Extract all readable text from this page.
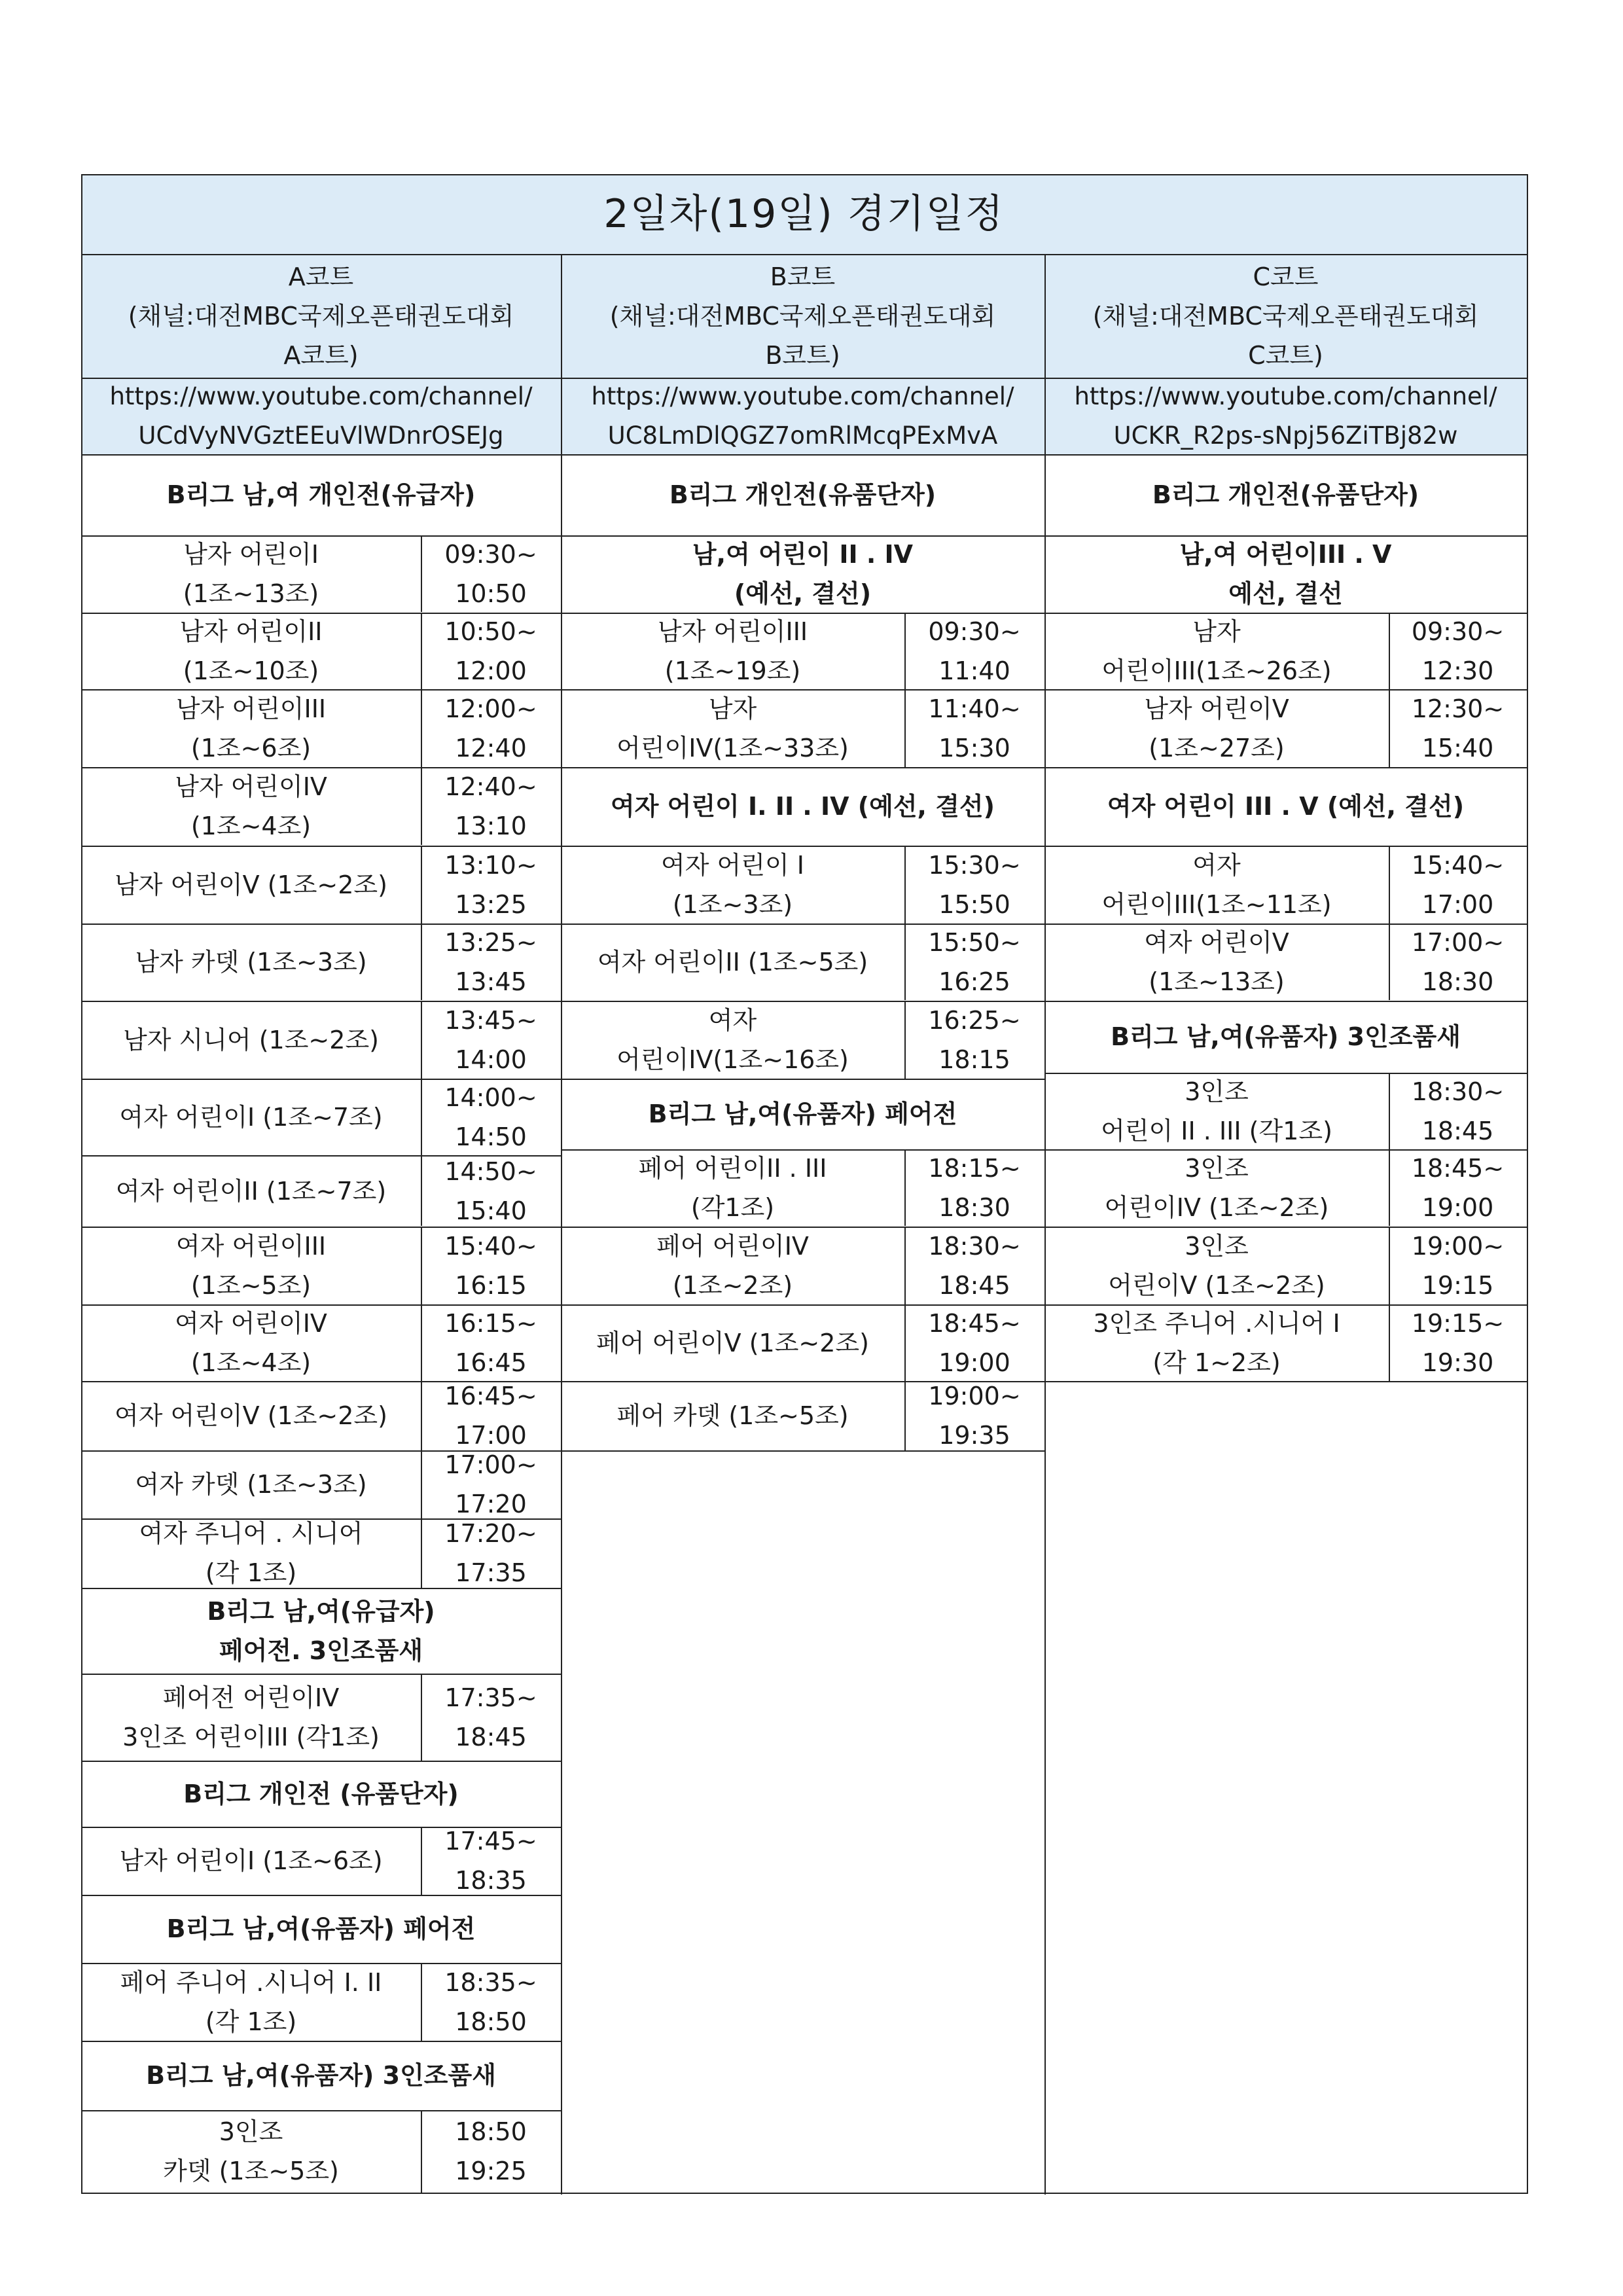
2일차(19일) 경기일정
A코트
(채널:대전MBC국제오픈태권도대회
A코트)
https://www.youtube.com/channel/
UCdVyNVGztEEuVlWDnrOSEJg
B코트
(채널:대전MBC국제오픈태권도대회
B코트)
https://www.youtube.com/channel/
UC8LmDlQGZ7omRlMcqPExMvA
C코트
(채널:대전MBC국제오픈태권도대회
C코트)
https://www.youtube.com/channel/
UCKR_R2ps-sNpj56ZiTBj82w
B리그 남,여 개인전(유급자)
남자 어린이I
(1조~13조)
09:30~
10:50
남자 어린이II
(1조~10조)
10:50~
12:00
남자 어린이III
(1조~6조)
12:00~
12:40
남자 어린이IV
(1조~4조)
12:40~
13:10
남자 어린이V (1조~2조)
13:10~
13:25
남자 카뎃 (1조~3조)
13:25~
13:45
남자 시니어 (1조~2조)
13:45~
14:00
여자 어린이I (1조~7조)
14:00~
14:50
여자 어린이II (1조~7조)
14:50~
15:40
여자 어린이III
(1조~5조)
15:40~
16:15
여자 어린이IV
(1조~4조)
16:15~
16:45
여자 어린이V (1조~2조)
16:45~
17:00
여자 카뎃 (1조~3조)
17:00~
17:20
여자 주니어 . 시니어
(각 1조)
17:20~
17:35
B리그 남,여(유급자)
페어전. 3인조품새
페어전 어린이IV
3인조 어린이III (각1조)
17:35~
18:45
B리그 개인전 (유품단자)
남자 어린이I (1조~6조)
17:45~
18:35
B리그 남,여(유품자) 페어전
페어 주니어 .시니어 I. II
(각 1조)
18:35~
18:50
B리그 남,여(유품자) 3인조품새
3인조
카뎃 (1조~5조)
18:50
19:25
B리그 개인전(유품단자)
남,여 어린이 II . IV
(예선, 결선)
남자 어린이III
(1조~19조)
09:30~
11:40
남자
어린이IV(1조~33조)
11:40~
15:30
여자 어린이 I. II . IV (예선, 결선)
여자 어린이 I
(1조~3조)
15:30~
15:50
여자 어린이II (1조~5조)
15:50~
16:25
여자
어린이IV(1조~16조)
16:25~
18:15
B리그 남,여(유품자) 페어전
페어 어린이II . III
(각1조)
18:15~
18:30
페어 어린이IV
(1조~2조)
18:30~
18:45
페어 어린이V (1조~2조)
18:45~
19:00
페어 카뎃 (1조~5조)
19:00~
19:35
B리그 개인전(유품단자)
남,여 어린이III . V
예선, 결선
남자
어린이III(1조~26조)
09:30~
12:30
남자 어린이V
(1조~27조)
12:30~
15:40
여자 어린이 III . V (예선, 결선)
여자
어린이III(1조~11조)
15:40~
17:00
여자 어린이V
(1조~13조)
17:00~
18:30
B리그 남,여(유품자) 3인조품새
3인조
어린이 II . III (각1조)
18:30~
18:45
3인조
어린이IV (1조~2조)
18:45~
19:00
3인조
어린이V (1조~2조)
19:00~
19:15
3인조 주니어 .시니어 I
(각 1~2조)
19:15~
19:30
